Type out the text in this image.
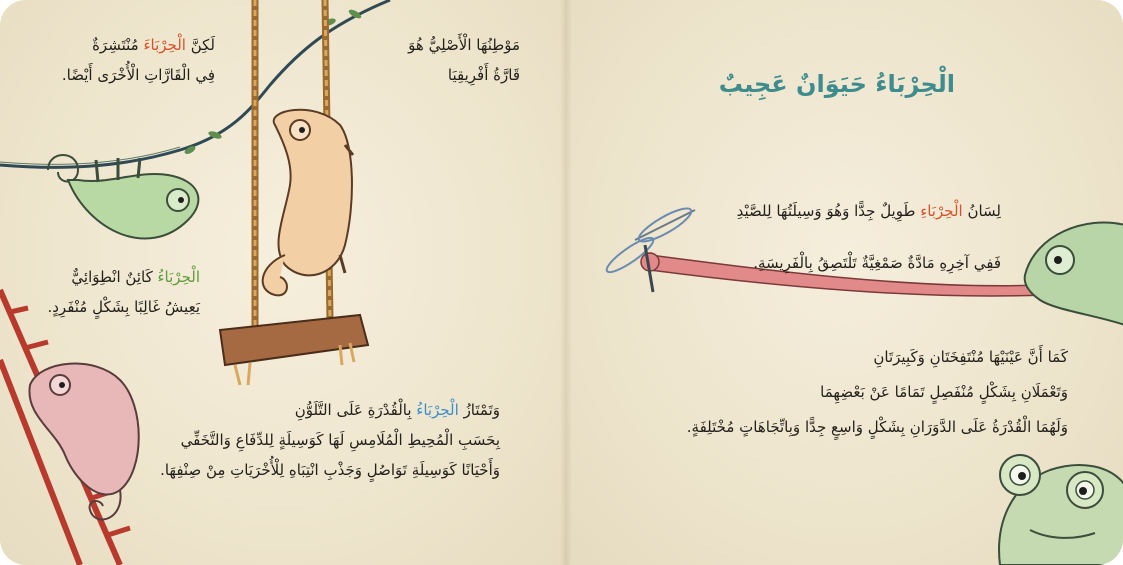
مَوْطِنُهَا الْأَصْلِيُّ هُوَ
قَارَّةُ أَفْرِيقِيَا
لَكِنَّ الْحِرْبَاءَ مُنْتَشِرَةٌ
فِي الْقَارَّاتِ الْأُخْرَى أَيْضًا.
الْحِرْبَاءُ كَائِنٌ انْطِوَائِيٌّ
يَعِيشُ غَالِبًا بِشَكْلٍ مُنْفَرِدٍ.
وَتَمْتَازُ الْحِرْبَاءُ بِالْقُدْرَةِ عَلَى التَّلَوُّنِ
بِحَسَبِ الْمُحِيطِ الْمُلَامِسِ لَهَا كَوَسِيلَةٍ لِلدِّفَاعِ وَالتَّخَفِّي
وَأَحْيَانًا كَوَسِيلَةِ تَوَاصُلٍ وَجَذْبِ انْتِبَاهِ لِلْأُخْرَيَاتِ مِنْ صِنْفِهَا.
الْحِرْبَاءُ حَيَوَانٌ عَجِيبٌ
لِسَانُ الْحِرْبَاءِ طَوِيلٌ جِدًّا وَهُوَ وَسِيلَتُهَا لِلصَّيْدِ
فَفِي آخِرِهِ مَادَّةٌ صَمْغِيَّةٌ تَلْتَصِقُ بِالْفَرِيسَةِ.
كَمَا أَنَّ عَيْنَيْهَا مُنْتَفِخَتَانِ وَكَبِيرَتَانِ
وَتَعْمَلَانِ بِشَكْلٍ مُنْفَصِلٍ تَمَامًا عَنْ بَعْضِهِمَا
وَلَهُمَا الْقُدْرَةُ عَلَى الدَّوَرَانِ بِشَكْلٍ وَاسِعٍ جِدًّا وَبِاتِّجَاهَاتٍ مُخْتَلِفَةٍ.
